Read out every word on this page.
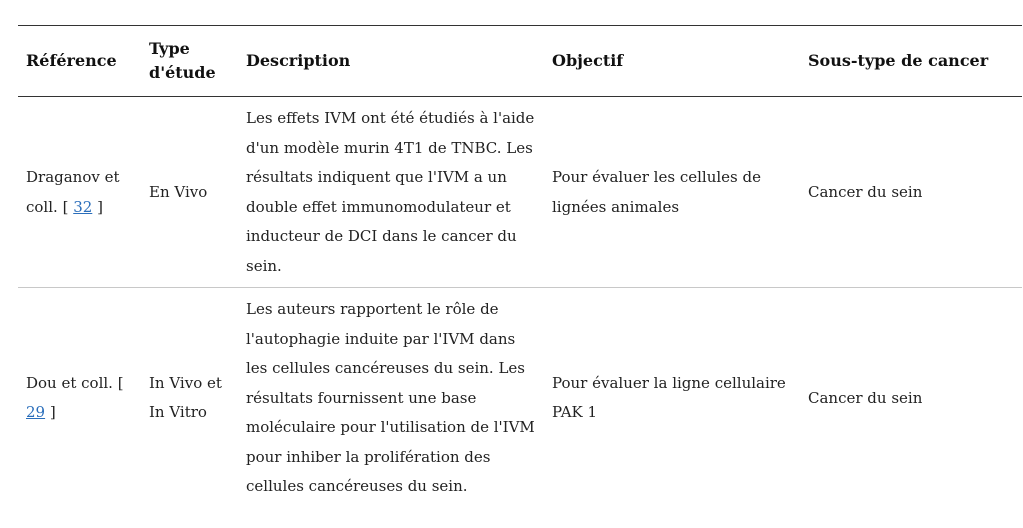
Référence	Type d'étude	Description	Objectif	Sous-type de cancer
Draganov et coll. [ 32 ]	En Vivo	Les effets IVM ont été étudiés à l'aide d'un modèle murin 4T1 de TNBC. Les résultats indiquent que l'IVM a un double effet immunomodulateur et inducteur de DCI dans le cancer du sein.	Pour évaluer les cellules de lignées animales	Cancer du sein
Dou et coll. [ 29 ]	In Vivo et In Vitro	Les auteurs rapportent le rôle de l'autophagie induite par l'IVM dans les cellules cancéreuses du sein. Les résultats fournissent une base moléculaire pour l'utilisation de l'IVM pour inhiber la prolifération des cellules cancéreuses du sein.	Pour évaluer la ligne cellulaire PAK 1	Cancer du sein
